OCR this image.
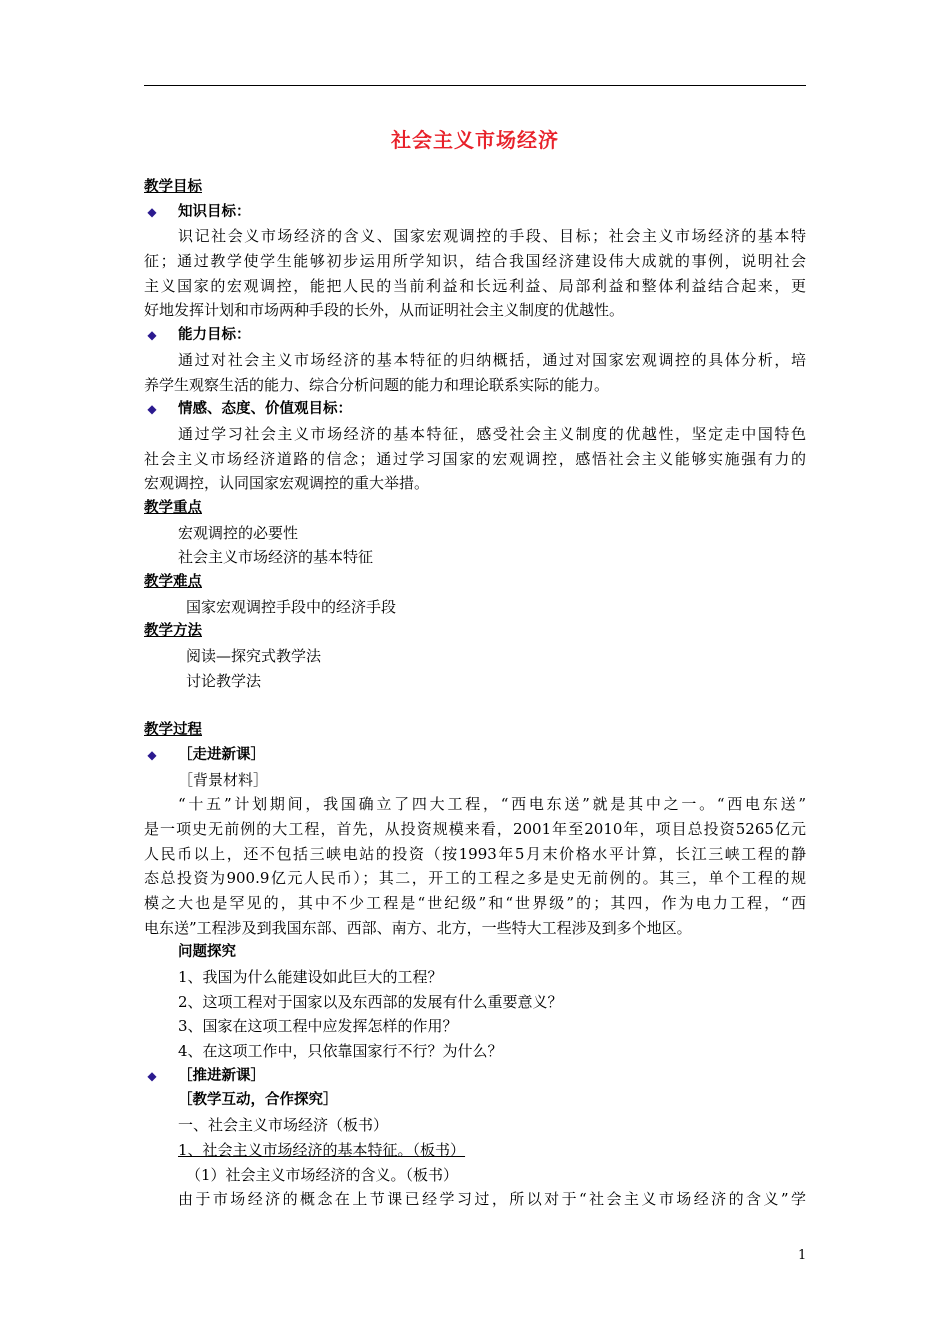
社会主义市场经济
教学目标
◆ 知识目标：
识记社会义市场经济的含义、国家宏观调控的手段、目标；社会主义市场经济的基本特
征；通过教学使学生能够初步运用所学知识，结合我国经济建设伟大成就的事例，说明社会
主义国家的宏观调控，能把人民的当前利益和长远利益、局部利益和整体利益结合起来，更
好地发挥计划和市场两种手段的长外，从而证明社会主义制度的优越性。
◆ 能力目标：
通过对社会主义市场经济的基本特征的归纳概括，通过对国家宏观调控的具体分析，培
养学生观察生活的能力、综合分析问题的能力和理论联系实际的能力。
◆ 情感、态度、价值观目标：
通过学习社会主义市场经济的基本特征，感受社会主义制度的优越性，坚定走中国特色
社会主义市场经济道路的信念；通过学习国家的宏观调控，感悟社会主义能够实施强有力的
宏观调控，认同国家宏观调控的重大举措。
教学重点
宏观调控的必要性
社会主义市场经济的基本特征
教学难点
国家宏观调控手段中的经济手段
教学方法
阅读—探究式教学法
讨论教学法
教学过程
◆ ［走进新课］
［背景材料］
“十五”计划期间，我国确立了四大工程，“西电东送”就是其中之一。“西电东送”
是一项史无前例的大工程，首先，从投资规模来看，2001年至2010年，项目总投资5265亿元
人民币以上，还不包括三峡电站的投资（按1993年5月末价格水平计算，长江三峡工程的静
态总投资为900.9亿元人民币）；其二，开工的工程之多是史无前例的。其三，单个工程的规
模之大也是罕见的，其中不少工程是“世纪级”和“世界级”的；其四，作为电力工程，“西
电东送”工程涉及到我国东部、西部、南方、北方，一些特大工程涉及到多个地区。
问题探究
1、我国为什么能建设如此巨大的工程？
2、这项工程对于国家以及东西部的发展有什么重要意义？
3、国家在这项工程中应发挥怎样的作用？
4、在这项工作中，只依靠国家行不行？为什么？
◆ ［推进新课］
［教学互动，合作探究］
一、社会主义市场经济（板书）
1、社会主义市场经济的基本特征。（板书）
（1）社会主义市场经济的含义。（板书）
由于市场经济的概念在上节课已经学习过，所以对于“社会主义市场经济的含义”学
1
